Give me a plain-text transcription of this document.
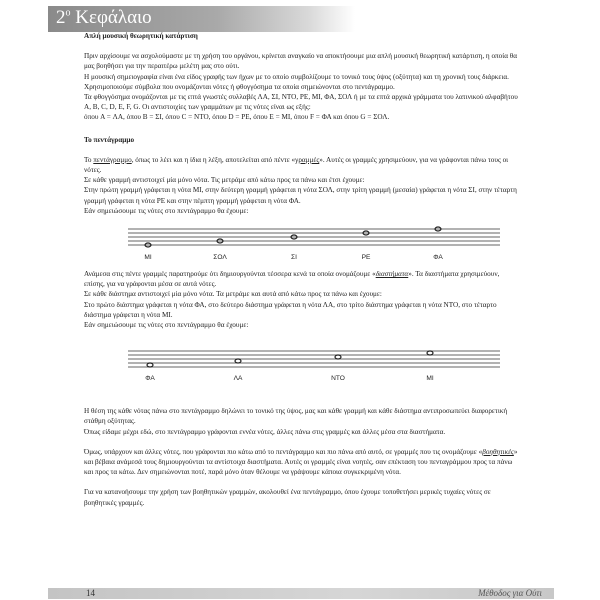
$2^o$ Κεφάλαιο

Απλή μουσική θεωρητική κατάρτιση

Πριν αρχίσουμε να ασχολούμαστε με τη χρήση του οργάνου, κρίνεται αναγκαίο να αποκτήσουμε μια απλή μουσική θεωρητική κατάρτιση, η οποία θα μας βοηθήσει για την περαιτέρω μελέτη μας στο ούτι.

Η μουσική σημειογραφία είναι ένα είδος γραφής των ήχων με το οποίο συμβολίζουμε το τονικό τους ύψος (οξύτητα) και τη χρονική τους διάρκεια.

Χρησιμοποιούμε σύμβολα που ονομάζονται νότες ή φθογγόσημα τα οποία σημειώνονται στο πεντάγραμμο.

Τα φθογγόσημα ονομάζονται με τις επτά γνωστές συλλαβές ΛΑ, ΣΙ, ΝΤΟ, ΡΕ, ΜΙ, ΦΑ, ΣΟΛ ή με τα επτά αρχικά γράμματα του λατινικού αλφαβήτου A, B, C, D, E, F, G. Οι αντιστοιχίες των γραμμάτων με τις νότες είναι ως εξής:

όπου A = ΛΑ, όπου B = ΣΙ, όπου C = ΝΤΟ, όπου D = ΡΕ, όπου E = ΜΙ, όπου F = ΦΑ και όπου G = ΣΟΛ.

Το πεντάγραμμο

Το πεντάγραμμο, όπως το λέει και η ίδια η λέξη, αποτελείται από πέντε «γραμμές». Αυτές οι γραμμές χρησιμεύουν, για να γράφονται πάνω τους οι νότες.

Σε κάθε γραμμή αντιστοιχεί μία μόνο νότα. Τις μετράμε από κάτω προς τα πάνω και έτσι έχουμε:

Στην πρώτη γραμμή γράφεται η νότα ΜΙ, στην δεύτερη γραμμή γράφεται η νότα ΣΟΛ, στην τρίτη γραμμή (μεσαία) γράφεται η νότα ΣΙ, στην τέταρτη γραμμή γράφεται η νότα ΡΕ και στην πέμπτη γραμμή γράφεται η νότα ΦΑ.

Εάν σημειώσουμε τις νότες στο πεντάγραμμο θα έχουμε:

ΜΙ	ΣΟΛ	ΣΙ	ΡΕ	ΦΑ

Ανάμεσα στις πέντε γραμμές παρατηρούμε ότι δημιουργούνται τέσσερα κενά τα οποία ονομάζουμε «διαστήματα». Τα διαστήματα χρησιμεύουν, επίσης, για να γράφονται μέσα σε αυτά νότες.

Σε κάθε διάστημα αντιστοιχεί μία μόνο νότα. Τα μετράμε και αυτά από κάτω προς τα πάνω και έχουμε:

Στο πρώτο διάστημα γράφεται η νότα ΦΑ, στο δεύτερο διάστημα γράφεται η νότα ΛΑ, στο τρίτο διάστημα γράφεται η νότα ΝΤΟ, στο τέταρτο διάστημα γράφεται η νότα ΜΙ.

Εάν σημειώσουμε τις νότες στο πεντάγραμμο θα έχουμε:

ΦΑ	ΛΑ	ΝΤΟ	ΜΙ

Η θέση της κάθε νότας πάνω στο πεντάγραμμο δηλώνει το τονικό της ύψος, μας και κάθε γραμμή και κάθε διάστημα αντιπροσωπεύει διαφορετική στάθμη οξύτητας.

Όπως είδαμε μέχρι εδώ, στο πεντάγραμμο γράφονται εννέα νότες, άλλες πάνω στις γραμμές και άλλες μέσα στα διαστήματα.

Όμως, υπάρχουν και άλλες νότες, που γράφονται πιο κάτω από το πεντάγραμμο και πιο πάνω από αυτό, σε γραμμές που τις ονομάζουμε «βοηθητικές» και βέβαια ανάμεσά τους δημιουργούνται τα αντίστοιχα διαστήματα. Αυτές οι γραμμές είναι νοητές, σαν επέκταση του πενταγράμμου προς τα πάνω και προς τα κάτω. Δεν σημειώνονται ποτέ, παρά μόνο όταν θέλουμε να γράψουμε κάποια συγκεκριμένη νότα.

Για να κατανοήσουμε την χρήση των βοηθητικών γραμμών, ακολουθεί ένα πεντάγραμμο, όπου έχουμε τοποθετήσει μερικές τυχαίες νότες σε βοηθητικές γραμμές.

14	Μέθοδος για Ούτι
